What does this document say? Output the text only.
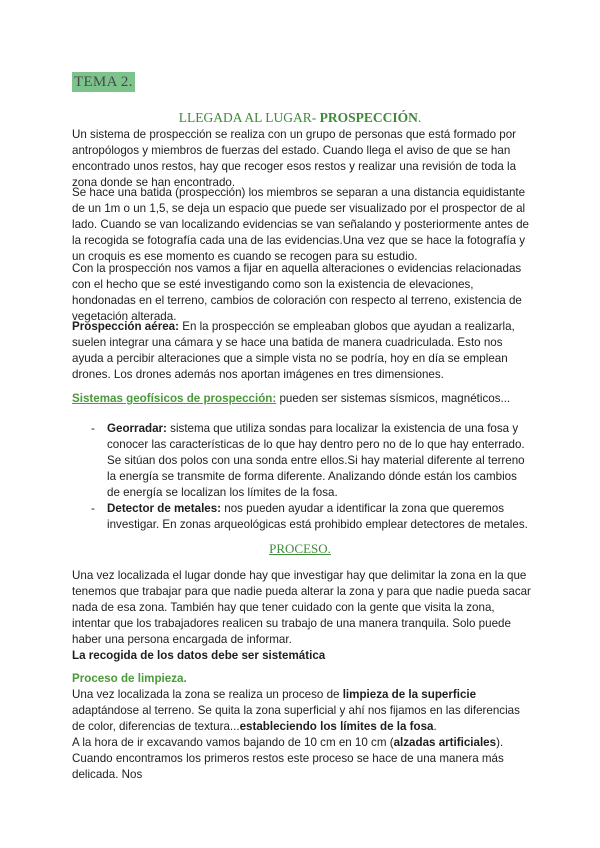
TEMA 2.
LLEGADA AL LUGAR- PROSPECCIÓN.
Un sistema de prospección se realiza con un grupo de personas que está formado por antropólogos y miembros de fuerzas del estado. Cuando llega el aviso de que se han encontrado unos restos, hay que recoger esos restos y realizar una revisión de toda la zona donde se han encontrado.
Se hace una batida (prospección) los miembros se separan a una distancia equidistante de un 1m o un 1,5, se deja un espacio que puede ser visualizado por el prospector de al lado. Cuando se van localizando evidencias se van señalando y posteriormente antes de la recogida se fotografía cada una de las evidencias.Una vez que se hace la fotografía y un croquis es ese momento es cuando se recogen para su estudio.
Con la prospección nos vamos a fijar en aquella alteraciones o evidencias relacionadas con el hecho que se esté investigando como son la existencia de elevaciones, hondonadas en el terreno, cambios de coloración con respecto al terreno, existencia de vegetación alterada.
Prospección aérea: En la prospección se empleaban globos que ayudan a realizarla, suelen integrar una cámara y se hace una batida de manera cuadriculada. Esto nos ayuda a percibir alteraciones que a simple vista no se podría, hoy en día se emplean drones. Los drones además nos aportan imágenes en tres dimensiones.
Sistemas geofísicos de prospección: pueden ser sistemas sísmicos, magnéticos...
- Georradar: sistema que utiliza sondas para localizar la existencia de una fosa y conocer las características de lo que hay dentro pero no de lo que hay enterrado. Se sitúan dos polos con una sonda entre ellos.Si hay material diferente al terreno la energía se transmite de forma diferente. Analizando dónde están los cambios de energía se localizan los límites de la fosa.
- Detector de metales: nos pueden ayudar a identificar la zona que queremos investigar. En zonas arqueológicas está prohibido emplear detectores de metales.
PROCESO.
Una vez localizada el lugar donde hay que investigar hay que delimitar la zona en la que tenemos que trabajar para que nadie pueda alterar la zona y para que nadie pueda sacar nada de esa zona. También hay que tener cuidado con la gente que visita la zona, intentar que los trabajadores realicen su trabajo de una manera tranquila. Solo puede haber una persona encargada de informar.
La recogida de los datos debe ser sistemática
Proceso de limpieza.
Una vez localizada la zona se realiza un proceso de limpieza de la superficie adaptándose al terreno. Se quita la zona superficial y ahí nos fijamos en las diferencias de color, diferencias de textura...estableciendo los límites de la fosa.
A la hora de ir excavando vamos bajando de 10 cm en 10 cm (alzadas artificiales). Cuando encontramos los primeros restos este proceso se hace de una manera más delicada. Nos
